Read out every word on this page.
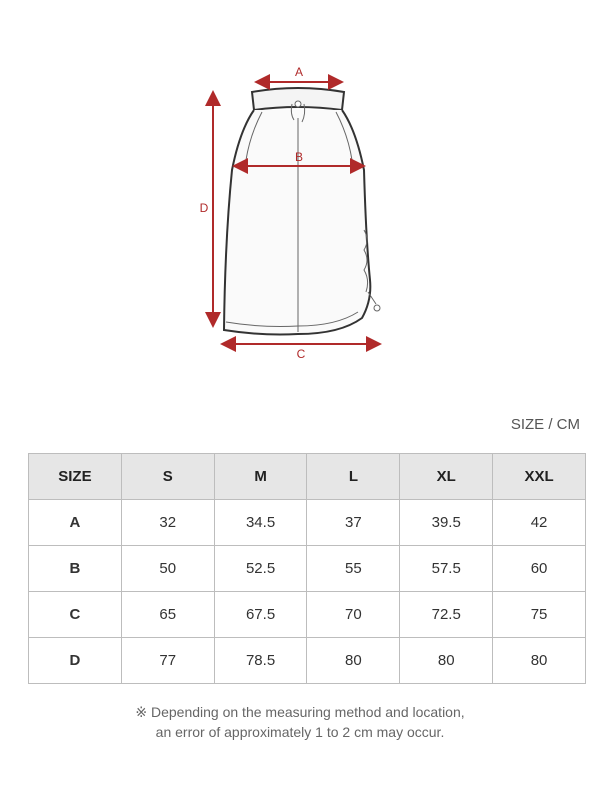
A
B
C
D
SIZE / CM
SIZE	S	M	L	XL	XXL
A	32	34.5	37	39.5	42
B	50	52.5	55	57.5	60
C	65	67.5	70	72.5	75
D	77	78.5	80	80	80
※ Depending on the measuring method and location,
an error of approximately 1 to 2 cm may occur.
